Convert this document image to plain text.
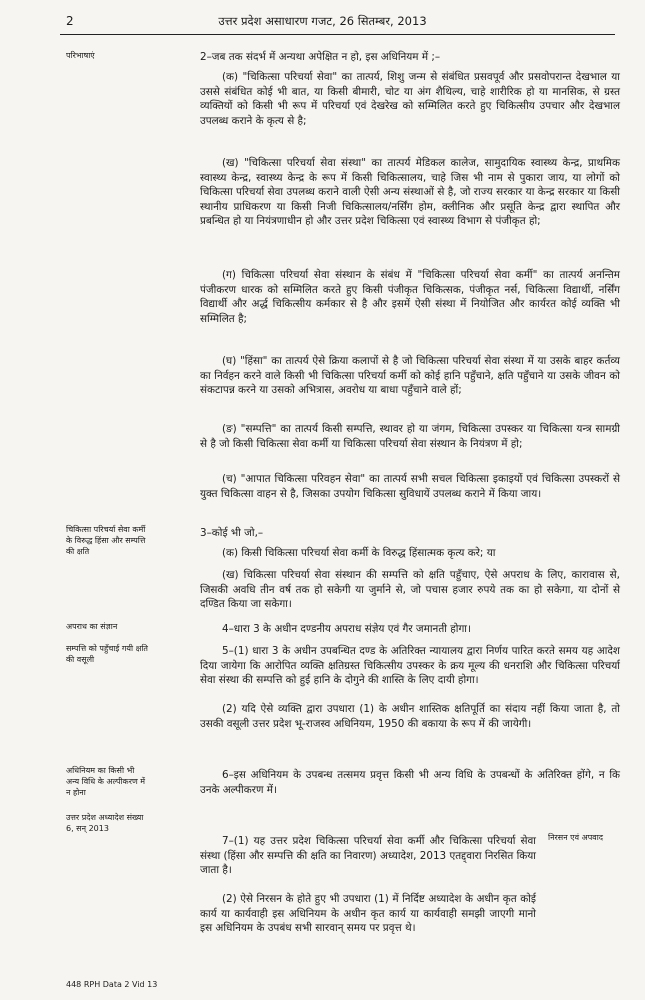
2	उत्तर प्रदेश असाधारण गजट, 26 सितम्बर, 2013
परिभाषाएं
चिकित्सा परिचर्या सेवा कर्मी के विरुद्ध हिंसा और सम्पत्ति की क्षति
अपराध का संज्ञान
सम्पत्ति को पहुँचाई गयी क्षति की वसूली
अधिनियम का किसी भी अन्य विधि के अल्पीकरण में न होना
उत्तर प्रदेश अध्यादेश संख्या 6, सन् 2013
निरसन एवं अपवाद
2–जब तक संदर्भ में अन्यथा अपेक्षित न हो, इस अधिनियम में ;–
(क) "चिकित्सा परिचर्या सेवा" का तात्पर्य, शिशु जन्म से संबंधित प्रसवपूर्व और प्रसवोपरान्त देखभाल या उससे संबंधित कोई भी बात, या किसी बीमारी, चोट या अंग शैथिल्य, चाहे शारीरिक हो या मानसिक, से ग्रस्त व्यक्तियों को किसी भी रूप में परिचर्या एवं देखरेख को सम्मिलित करते हुए चिकित्सीय उपचार और देखभाल उपलब्ध कराने के कृत्य से है;
(ख) "चिकित्सा परिचर्या सेवा संस्था" का तात्पर्य मेडिकल कालेज, सामुदायिक स्वास्थ्य केन्द्र, प्राथमिक स्वास्थ्य केन्द्र, स्वास्थ्य केन्द्र के रूप में किसी चिकित्सालय, चाहे जिस भी नाम से पुकारा जाय, या लोगों को चिकित्सा परिचर्या सेवा उपलब्ध कराने वाली ऐसी अन्य संस्थाओं से है, जो राज्य सरकार या केन्द्र सरकार या किसी स्थानीय प्राधिकरण या किसी निजी चिकित्सालय/नर्सिंग होम, क्लीनिक और प्रसूति केन्द्र द्वारा स्थापित और प्रबन्धित हो या नियंत्रणाधीन हो और उत्तर प्रदेश चिकित्सा एवं स्वास्थ्य विभाग से पंजीकृत हो;
(ग) चिकित्सा परिचर्या सेवा संस्थान के संबंध में "चिकित्सा परिचर्या सेवा कर्मी" का तात्पर्य अनन्तिम पंजीकरण धारक को सम्मिलित करते हुए किसी पंजीकृत चिकित्सक, पंजीकृत नर्स, चिकित्सा विद्यार्थी, नर्सिंग विद्यार्थी और अर्द्ध चिकित्सीय कर्मकार से है और इसमें ऐसी संस्था में नियोजित और कार्यरत कोई व्यक्ति भी सम्मिलित है;
(घ) "हिंसा" का तात्पर्य ऐसे क्रिया कलापों से है जो चिकित्सा परिचर्या सेवा संस्था में या उसके बाहर कर्तव्य का निर्वहन करने वाले किसी भी चिकित्सा परिचर्या कर्मी को कोई हानि पहुँचाने, क्षति पहुँचाने या उसके जीवन को संकटापन्न करने या उसको अभित्रास, अवरोध या बाधा पहुँचाने वाले हों;
(ङ) "सम्पत्ति" का तात्पर्य किसी सम्पत्ति, स्थावर हो या जंगम, चिकित्सा उपस्कर या चिकित्सा यन्त्र सामग्री से है जो किसी चिकित्सा सेवा कर्मी या चिकित्सा परिचर्या सेवा संस्थान के नियंत्रण में हो;
(च) "आपात चिकित्सा परिवहन सेवा" का तात्पर्य सभी सचल चिकित्सा इकाइयों एवं चिकित्सा उपस्करों से युक्त चिकित्सा वाहन से है, जिसका उपयोग चिकित्सा सुविधायें उपलब्ध कराने में किया जाय।
3–कोई भी जो,–
(क) किसी चिकित्सा परिचर्या सेवा कर्मी के विरुद्ध हिंसात्मक कृत्य करे; या
(ख) चिकित्सा परिचर्या सेवा संस्थान की सम्पत्ति को क्षति पहुँचाए, ऐसे अपराध के लिए, कारावास से, जिसकी अवधि तीन वर्ष तक हो सकेगी या जुर्माने से, जो पचास हजार रुपये तक का हो सकेगा, या दोनों से दण्डित किया जा सकेगा।
4–धारा 3 के अधीन दण्डनीय अपराध संज्ञेय एवं गैर जमानती होगा।
5–(1) धारा 3 के अधीन उपबन्धित दण्ड के अतिरिक्त न्यायालय द्वारा निर्णय पारित करते समय यह आदेश दिया जायेगा कि आरोपित व्यक्ति क्षतिग्रस्त चिकित्सीय उपस्कर के क्रय मूल्य की धनराशि और चिकित्सा परिचर्या सेवा संस्था की सम्पत्ति को हुई हानि के दोगुने की शास्ति के लिए दायी होगा।
(2) यदि ऐसे व्यक्ति द्वारा उपधारा (1) के अधीन शास्तिक क्षतिपूर्ति का संदाय नहीं किया जाता है, तो उसकी वसूली उत्तर प्रदेश भू-राजस्व अधिनियम, 1950 की बकाया के रूप में की जायेगी।
6–इस अधिनियम के उपबन्ध तत्समय प्रवृत्त किसी भी अन्य विधि के उपबन्धों के अतिरिक्त होंगे, न कि उनके अल्पीकरण में।
7–(1) यह उत्तर प्रदेश चिकित्सा परिचर्या सेवा कर्मी और चिकित्सा परिचर्या सेवा संस्था (हिंसा और सम्पत्ति की क्षति का निवारण) अध्यादेश, 2013 एतद्द्वारा निरसित किया जाता है।
(2) ऐसे निरसन के होते हुए भी उपधारा (1) में निर्दिष्ट अध्यादेश के अधीन कृत कोई कार्य या कार्यवाही इस अधिनियम के अधीन कृत कार्य या कार्यवाही समझी जाएगी मानो इस अधिनियम के उपबंध सभी सारवान् समय पर प्रवृत्त थे।
448 RPH Data 2 Vid 13
